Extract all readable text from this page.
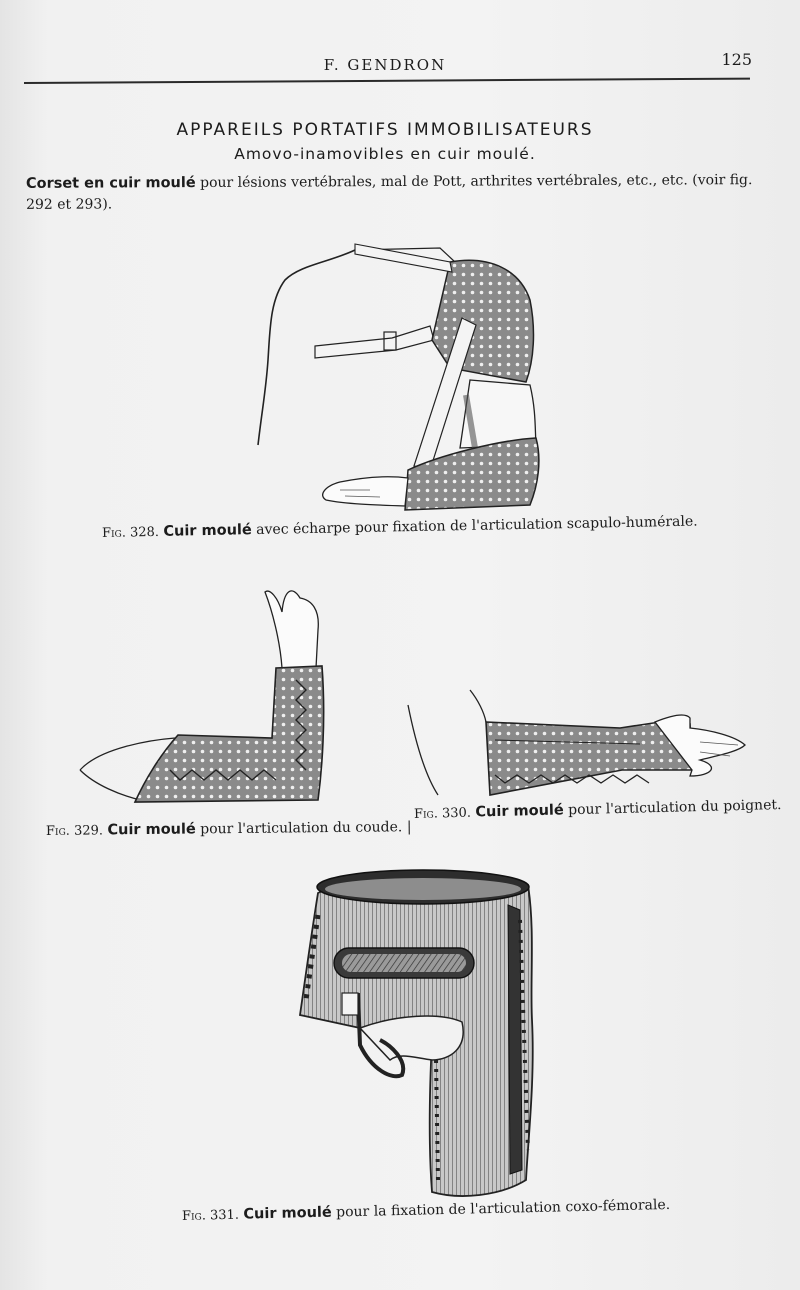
F. GENDRON	125
APPAREILS PORTATIFS IMMOBILISATEURS
Amovo-inamovibles en cuir moulé.
Corset en cuir moulé pour lésions vertébrales, mal de Pott, arthrites vertébrales, etc., etc. (voir fig. 292 et 293).
Fig. 328. Cuir moulé avec écharpe pour fixation de l'articulation scapulo-humérale.
Fig. 329. Cuir moulé pour l'articulation du coude. |
Fig. 330. Cuir moulé pour l'articulation du poignet.
Fig. 331. Cuir moulé pour la fixation de l'articulation coxo-fémorale.
